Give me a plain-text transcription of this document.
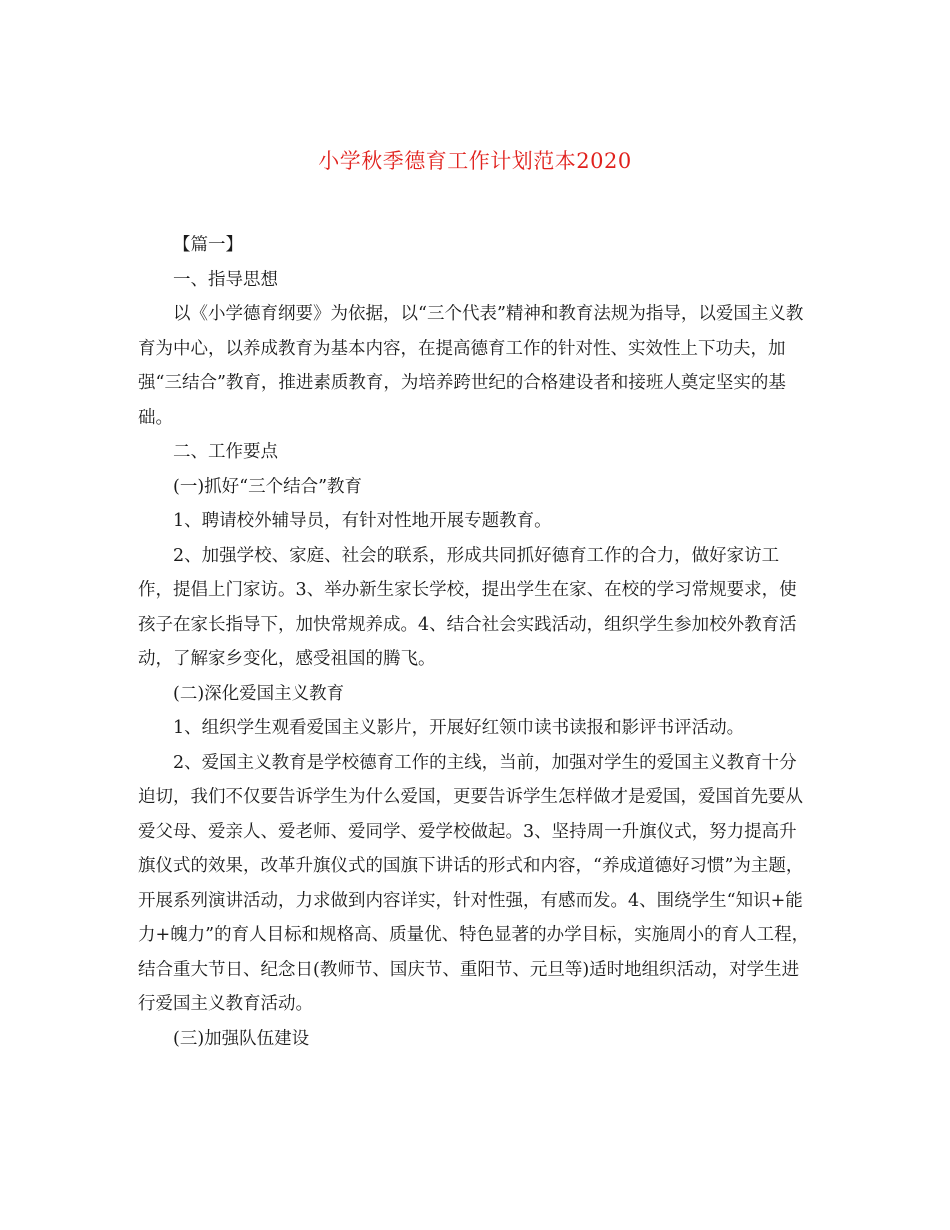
小学秋季德育工作计划范本2020

【篇一】

一、指导思想

以《小学德育纲要》为依据，以“三个代表”精神和教育法规为指导，以爱国主义教育为中心，以养成教育为基本内容，在提高德育工作的针对性、实效性上下功夫，加强“三结合”教育，推进素质教育，为培养跨世纪的合格建设者和接班人奠定坚实的基础。

二、工作要点

(一)抓好“三个结合”教育

1、聘请校外辅导员，有针对性地开展专题教育。

2、加强学校、家庭、社会的联系，形成共同抓好德育工作的合力，做好家访工作，提倡上门家访。3、举办新生家长学校，提出学生在家、在校的学习常规要求，使孩子在家长指导下，加快常规养成。4、结合社会实践活动，组织学生参加校外教育活动，了解家乡变化，感受祖国的腾飞。

(二)深化爱国主义教育

1、组织学生观看爱国主义影片，开展好红领巾读书读报和影评书评活动。

2、爱国主义教育是学校德育工作的主线，当前，加强对学生的爱国主义教育十分迫切，我们不仅要告诉学生为什么爱国，更要告诉学生怎样做才是爱国，爱国首先要从爱父母、爱亲人、爱老师、爱同学、爱学校做起。3、坚持周一升旗仪式，努力提高升旗仪式的效果，改革升旗仪式的国旗下讲话的形式和内容，“养成道德好习惯”为主题，开展系列演讲活动，力求做到内容详实，针对性强，有感而发。4、围绕学生“知识+能力+魄力”的育人目标和规格高、质量优、特色显著的办学目标，实施周小的育人工程，结合重大节日、纪念日(教师节、国庆节、重阳节、元旦等)适时地组织活动，对学生进行爱国主义教育活动。

(三)加强队伍建设
